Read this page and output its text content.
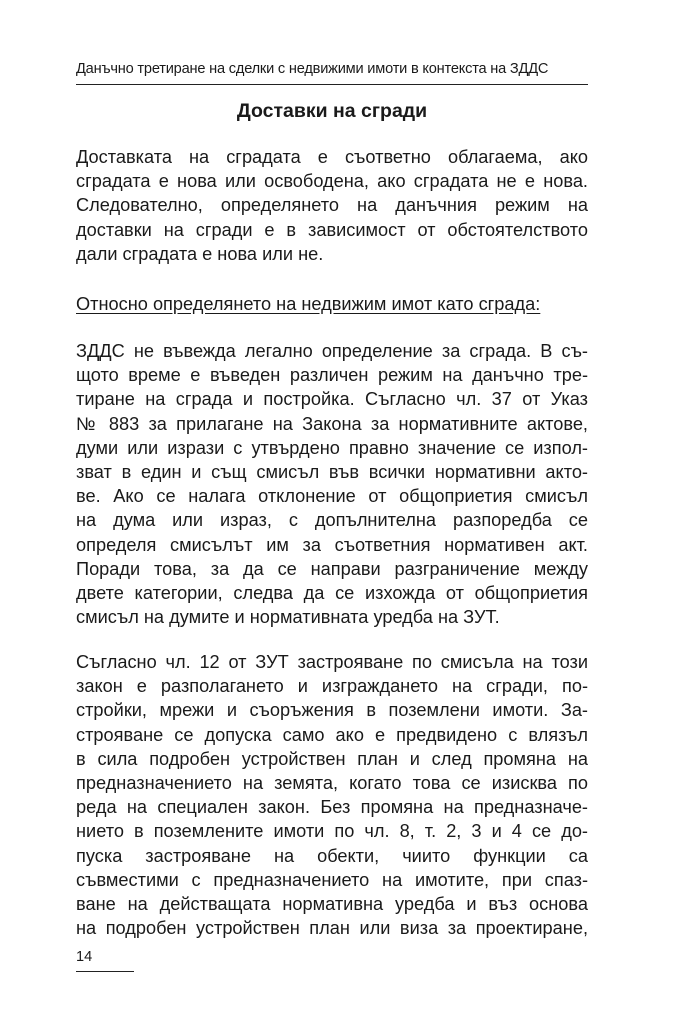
Данъчно третиране на сделки с недвижими имоти в контекста на ЗДДС
Доставки на сгради
Доставката на сградата е съответно облагаема, ако
сградата е нова или освободена, ако сградата не е нова.
Следователно, определянето на данъчния режим на
доставки на сгради е в зависимост от обстоятелството
дали сградата е нова или не.
Относно определянето на недвижим имот като сграда:
ЗДДС не въвежда легално определение за сграда. В съ-
щото време е въведен различен режим на данъчно тре-
тиране на сграда и постройка. Съгласно чл. 37 от Указ
№ 883 за прилагане на Закона за нормативните актове,
думи или изрази с утвърдено правно значение се изпол-
зват в един и същ смисъл във всички нормативни акто-
ве. Ако се налага отклонение от общоприетия смисъл
на дума или израз, с допълнителна разпоредба се
определя смисълът им за съответния нормативен акт.
Поради това, за да се направи разграничение между
двете категории, следва да се изхожда от общоприетия
смисъл на думите и нормативната уредба на ЗУТ.
Съгласно чл. 12 от ЗУТ застрояване по смисъла на този
закон е разполагането и изграждането на сгради, по-
стройки, мрежи и съоръжения в поземлени имоти. За-
строяване се допуска само ако е предвидено с влязъл
в сила подробен устройствен план и след промяна на
предназначението на земята, когато това се изисква по
реда на специален закон. Без промяна на предназначе-
нието в поземлените имоти по чл. 8, т. 2, 3 и 4 се до-
пуска застрояване на обекти, чиито функции са
съвместими с предназначението на имотите, при спаз-
ване на действащата нормативна уредба и въз основа
на подробен устройствен план или виза за проектиране,
14
